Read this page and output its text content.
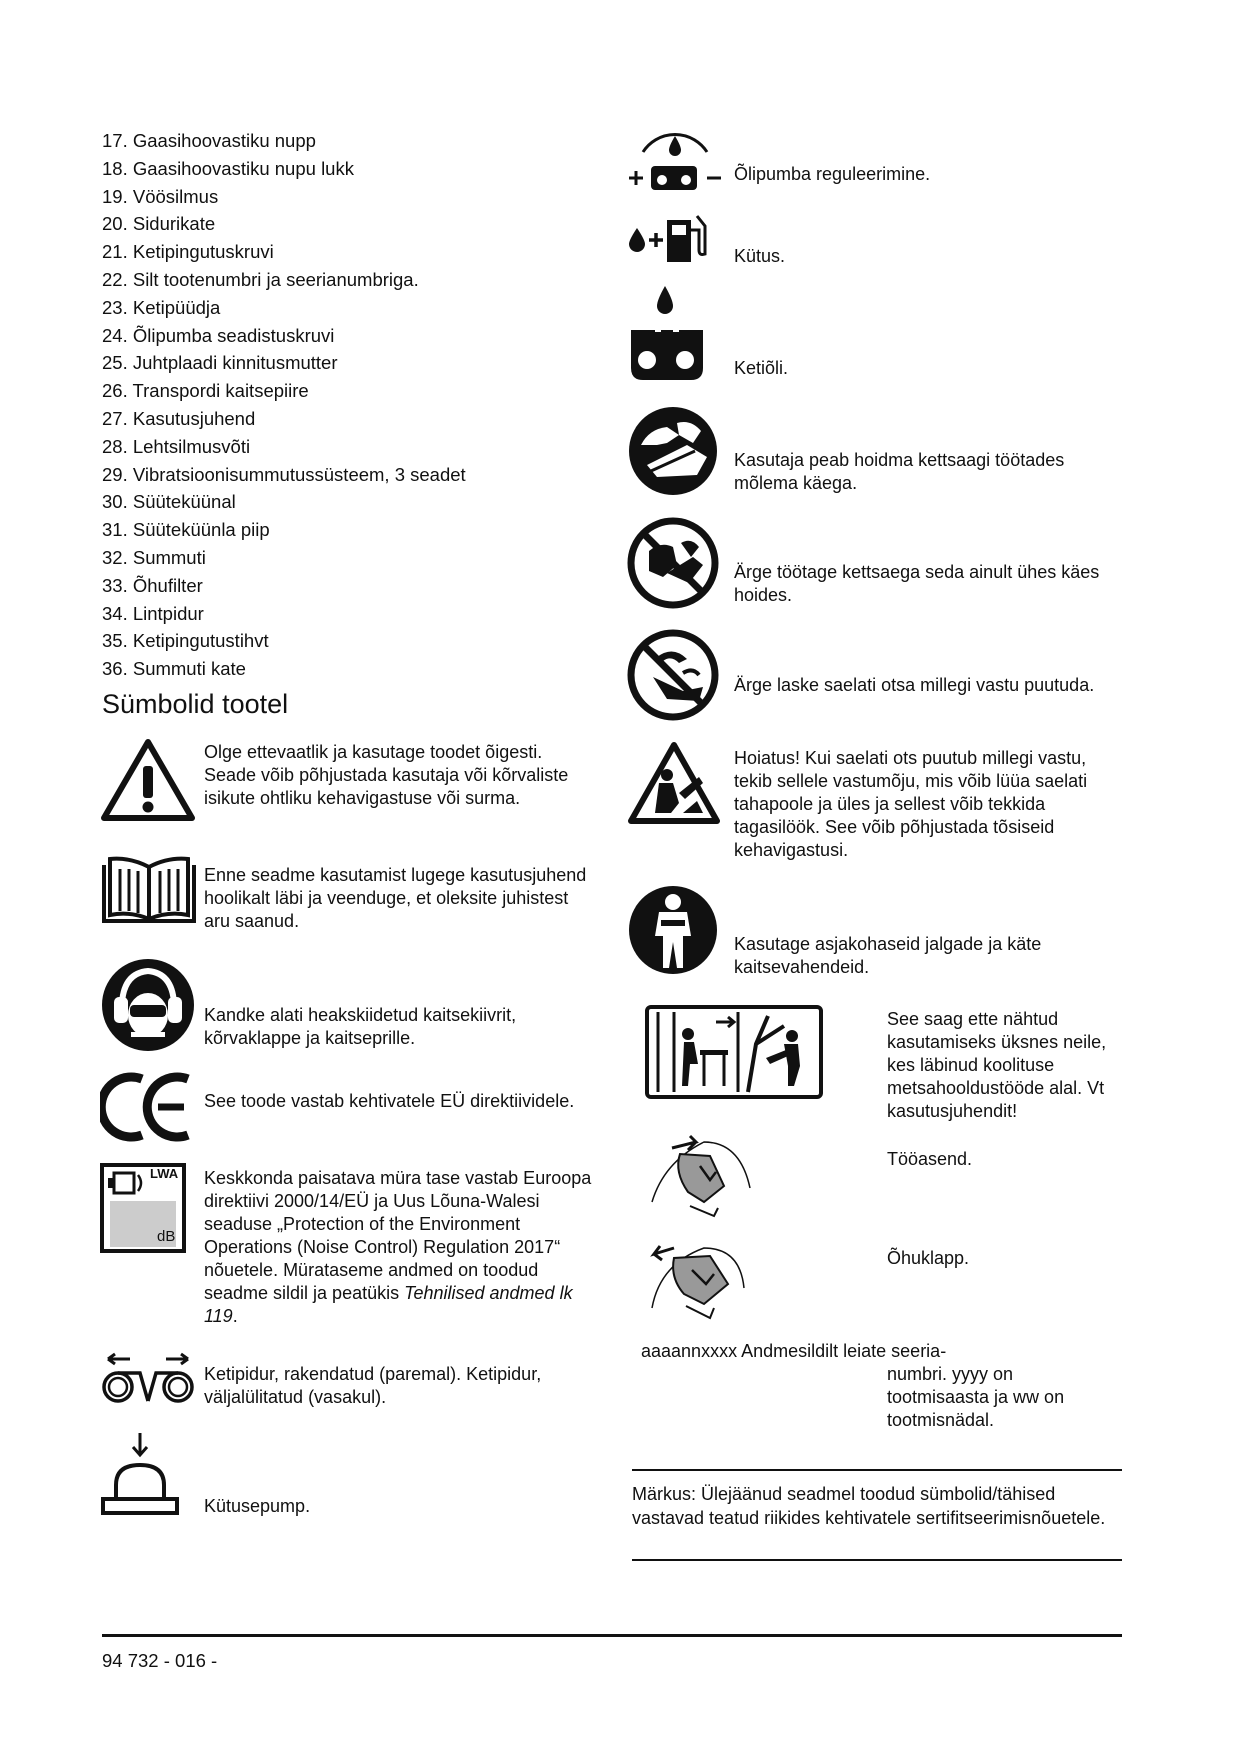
17. Gaasihoovastiku nupp
18. Gaasihoovastiku nupu lukk
19. Vöösilmus
20. Sidurikate
21. Ketipingutuskruvi
22. Silt tootenumbri ja seerianumbriga.
23. Ketipüüdja
24. Õlipumba seadistuskruvi
25. Juhtplaadi kinnitusmutter
26. Transpordi kaitsepiire
27. Kasutusjuhend
28. Lehtsilmusvõti
29. Vibratsioonisummutussüsteem, 3 seadet
30. Süüteküünal
31. Süüteküünla piip
32. Summuti
33. Õhufilter
34. Lintpidur
35. Ketipingutustihvt
36. Summuti kate
Sümbolid tootel
Olge ettevaatlik ja kasutage toodet õigesti. Seade võib põhjustada kasutaja või kõrvaliste isikute ohtliku kehavigastuse või surma.
Enne seadme kasutamist lugege kasutusjuhend hoolikalt läbi ja veenduge, et oleksite juhistest aru saanud.
Kandke alati heakskiidetud kaitsekiivrit, kõrvaklappe ja kaitseprille.
See toode vastab kehtivatele EÜ direktiividele.
LWA
dB
Keskkonda paisatava müra tase vastab Euroopa direktiivi 2000/14/EÜ ja Uus Lõuna-Walesi seaduse „Protection of the Environment Operations (Noise Control) Regulation 2017“ nõuetele. Mürataseme andmed on toodud seadme sildil ja peatükis Tehnilised andmed lk 119.
Ketipidur, rakendatud (paremal). Ketipidur, väljalülitatud (vasakul).
Kütusepump.
Õlipumba reguleerimine.
Kütus.
Ketiõli.
Kasutaja peab hoidma kettsaagi töötades mõlema käega.
Ärge töötage kettsaega seda ainult ühes käes hoides.
Ärge laske saelati otsa millegi vastu puutuda.
Hoiatus! Kui saelati ots puutub millegi vastu, tekib sellele vastumõju, mis võib lüüa saelati tahapoole ja üles ja sellest võib tekkida tagasilöök. See võib põhjustada tõsiseid kehavigastusi.
Kasutage asjakohaseid jalgade ja käte kaitsevahendeid.
See saag ette nähtud kasutamiseks üksnes neile, kes läbinud koolituse metsahooldustööde alal. Vt kasutusjuhendit!
Tööasend.
Õhuklapp.
aaaannxxxx Andmesildilt leiate seeria-
numbri. yyyy on tootmisaasta ja ww on tootmisnädal.
Märkus: Ülejäänud seadmel toodud sümbolid/tähised vastavad teatud riikides kehtivatele sertifitseerimisnõuetele.
94 732 - 016 -
